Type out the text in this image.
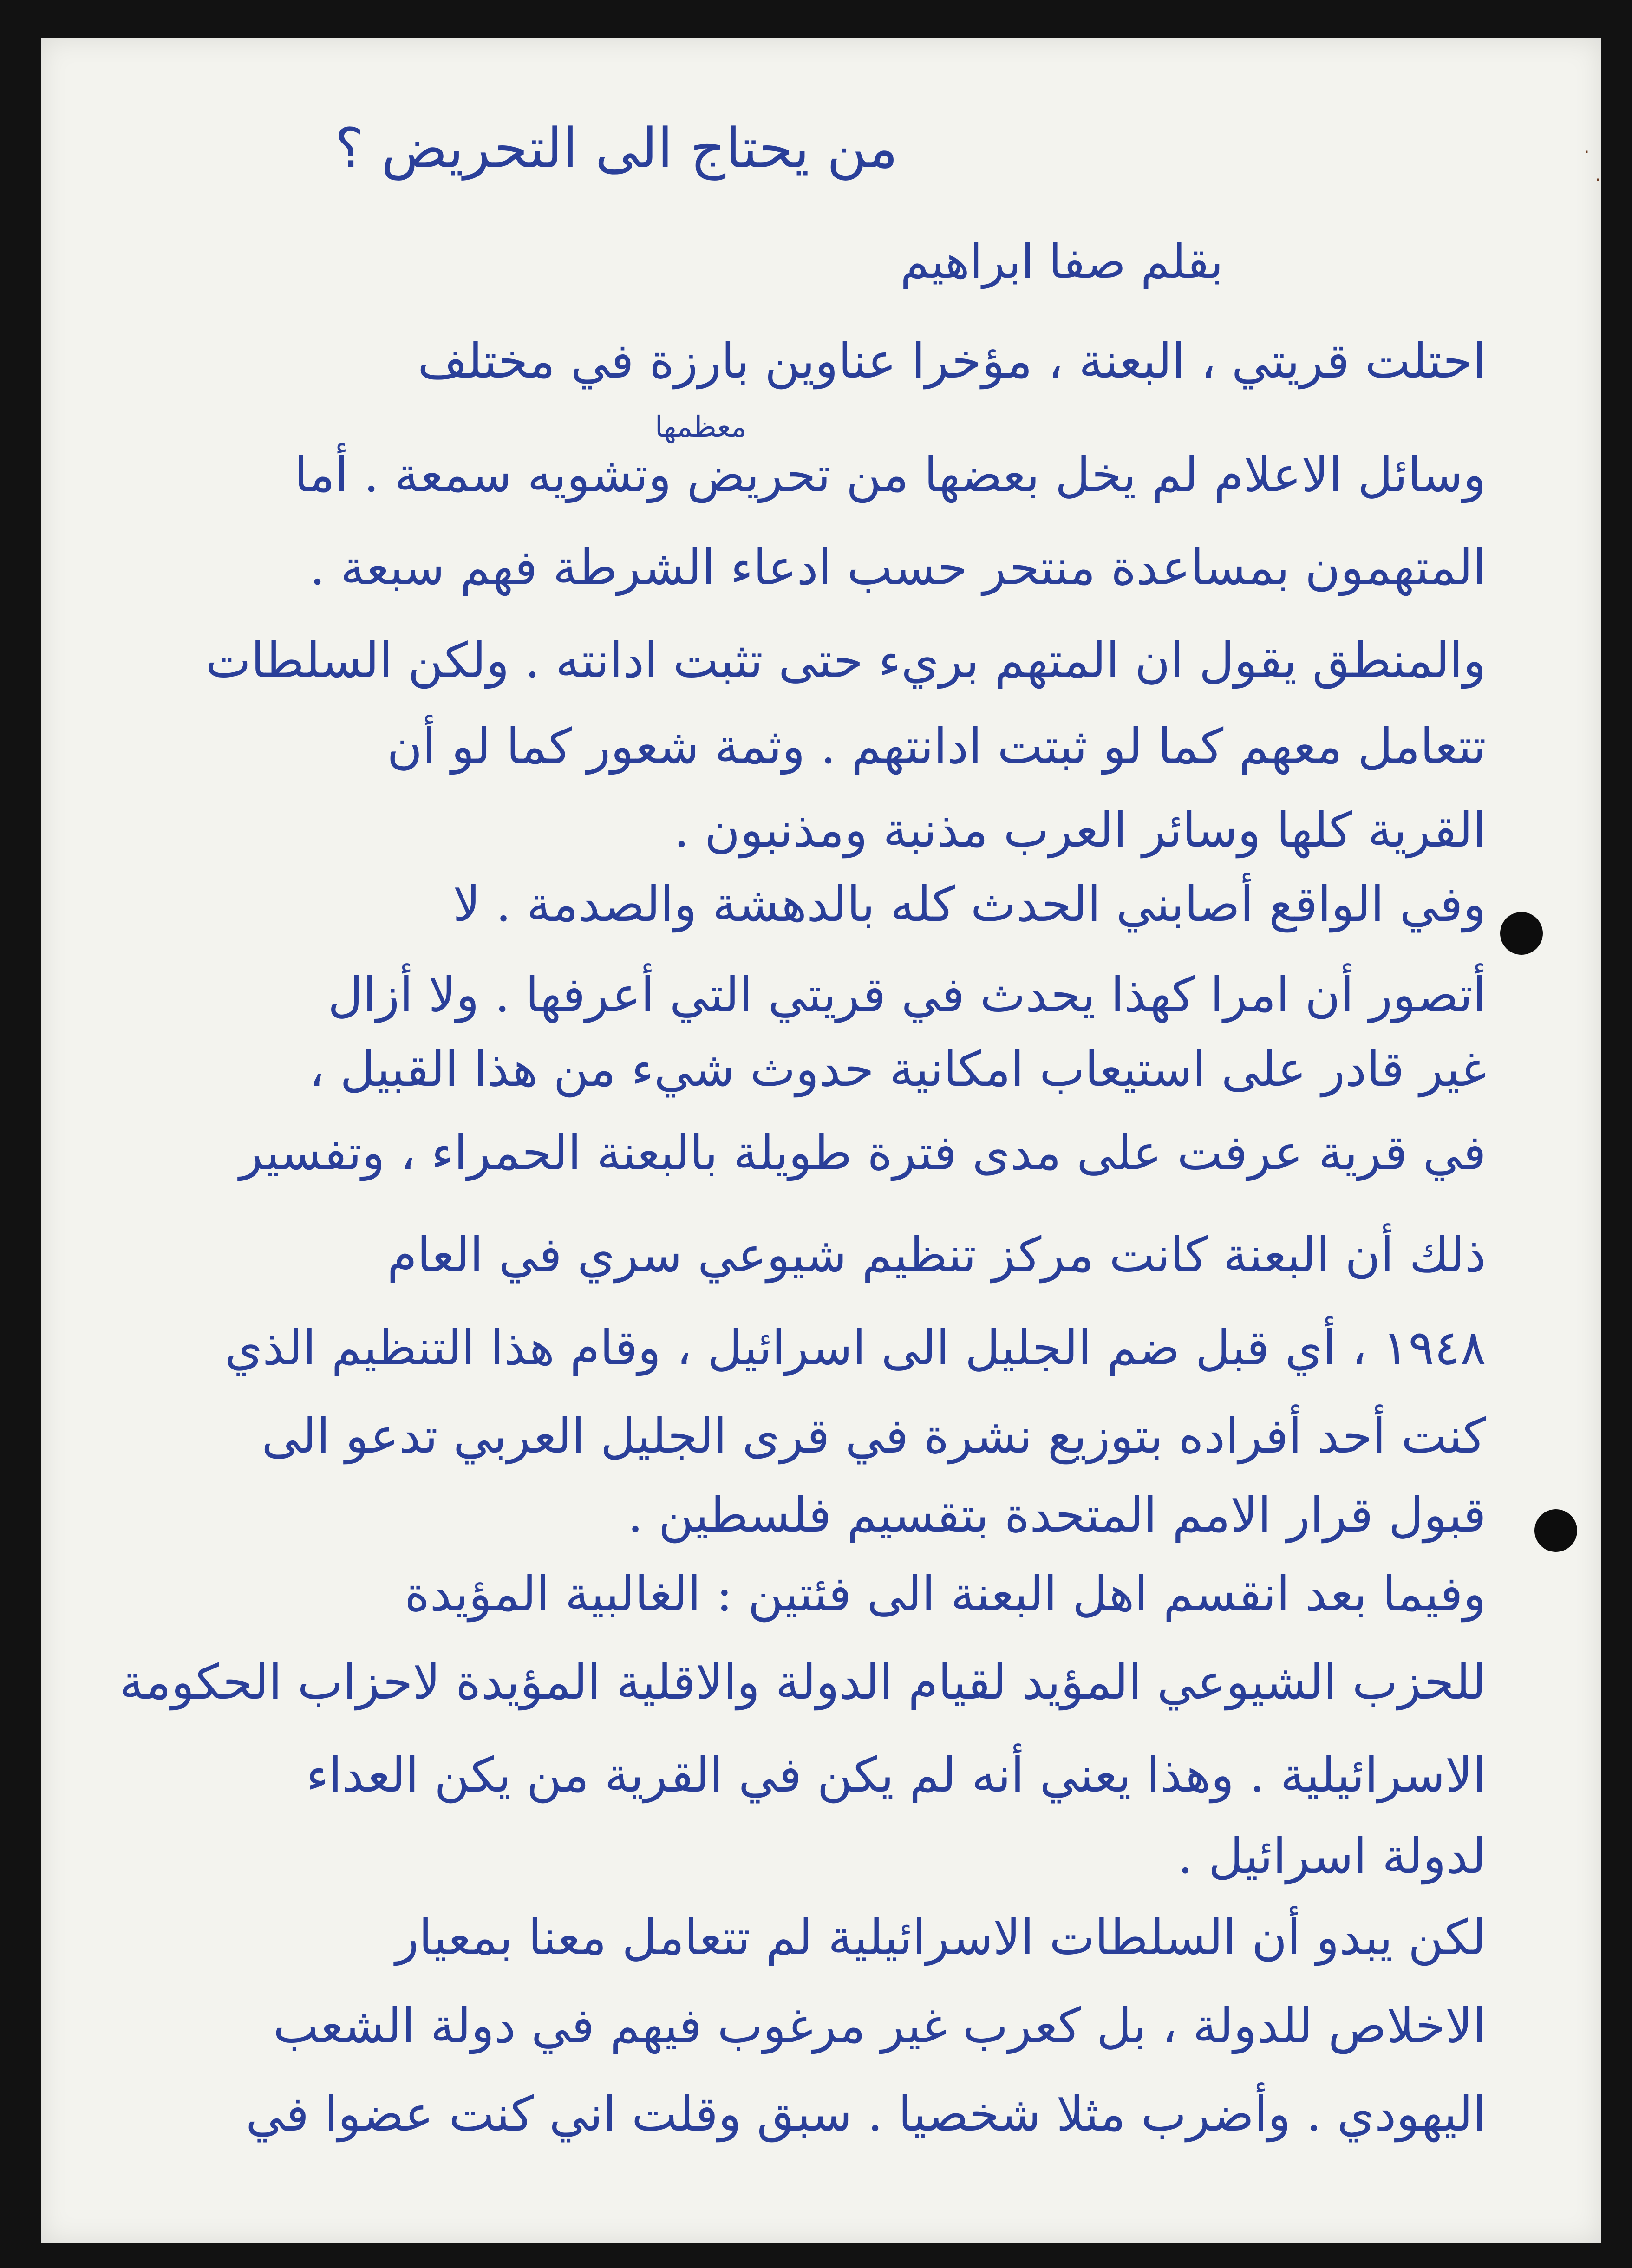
·
·
من يحتاج الى التحريض ؟
بقلم صفا ابراهيم
معظمها
احتلت قريتي ، البعنة ، مؤخرا عناوين بارزة في مختلف
وسائل الاعلام لم يخل بعضها من تحريض وتشويه سمعة . أما
المتهمون بمساعدة منتحر حسب ادعاء الشرطة فهم سبعة .
والمنطق يقول ان المتهم بريء حتى تثبت ادانته . ولكن السلطات
تتعامل معهم كما لو ثبتت ادانتهم . وثمة شعور كما لو أن
القرية كلها وسائر العرب مذنبة ومذنبون .
وفي الواقع أصابني الحدث كله بالدهشة والصدمة . لا
أتصور أن امرا كهذا يحدث في قريتي التي أعرفها . ولا أزال
غير قادر على استيعاب امكانية حدوث شيء من هذا القبيل ،
في قرية عرفت على مدى فترة طويلة بالبعنة الحمراء ، وتفسير
ذلك أن البعنة كانت مركز تنظيم شيوعي سري في العام
١٩٤٨ ، أي قبل ضم الجليل الى اسرائيل ، وقام هذا التنظيم الذي
كنت أحد أفراده بتوزيع نشرة في قرى الجليل العربي تدعو الى
قبول قرار الامم المتحدة بتقسيم فلسطين .
وفيما بعد انقسم اهل البعنة الى فئتين : الغالبية المؤيدة
للحزب الشيوعي المؤيد لقيام الدولة والاقلية المؤيدة لاحزاب الحكومة
الاسرائيلية . وهذا يعني أنه لم يكن في القرية من يكن العداء
لدولة اسرائيل .
لكن يبدو أن السلطات الاسرائيلية لم تتعامل معنا بمعيار
الاخلاص للدولة ، بل كعرب غير مرغوب فيهم في دولة الشعب
اليهودي . وأضرب مثلا شخصيا . سبق وقلت اني كنت عضوا في
